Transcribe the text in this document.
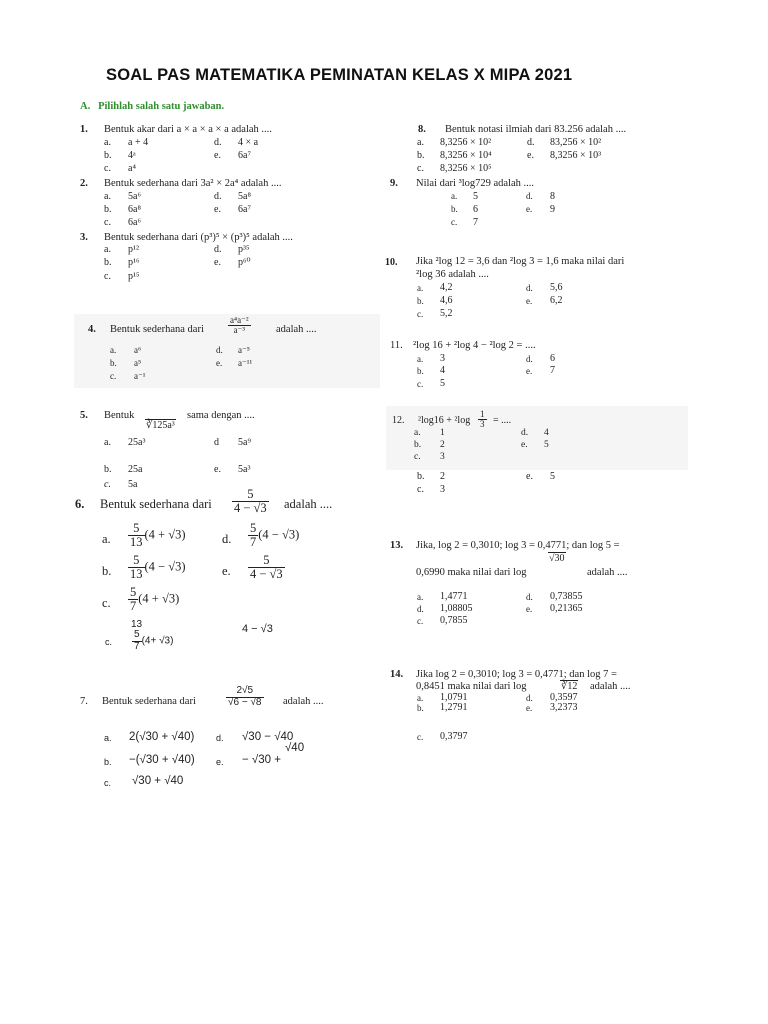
SOAL PAS MATEMATIKA PEMINATAN KELAS X MIPA 2021
A. Pilihlah salah satu jawaban.
1. Bentuk akar dari a × a × a × a adalah ....
a. a + 4
b. 4ᵃ
c. a⁴
d. 4 × a
e. 6a⁷
2. Bentuk sederhana dari 3a² × 2a⁴ adalah ....
a. 5a⁶
b. 6a⁸
c. 6a⁶
d. 5a⁸
e. 6a⁷
3. Bentuk sederhana dari (p³)⁵ × (p³)⁵ adalah ....
a. p¹²
b. p¹⁶
c. p¹⁵
d. p³⁵
e. p⁶⁰
4. Bentuk sederhana dari	$\frac{\text{a⁴a⁻²}}{\text{a⁻³}}$ adalah ....
a. a⁶
b. a⁵
c. a⁻¹
d. a⁻⁵
e. a⁻¹¹
5. Bentuk
∛125a³
sama dengan ....
a. 25a³
b. 25a
c. 5a
d 5a⁹
e. 5a³
6. Bentuk sederhana dari $\frac{5}{4 - √3}$ adalah ....
a. $\frac{5}{13} (4 + √3)$
b. $\frac{5}{13} (4 - √3)$
c. $\frac{5}{7} (4 + √3)$
d. $\frac{5}{7} (4 - √3)$
e. $\frac{5}{4 - √3}$
13	4 − √3
c. $\frac{5}{7} (4+ √3)$
7. Bentuk sederhana dari	$\frac{2√5}{√6 - √8}$ adalah ....
a. 2(√30 + √40)
b. −(√30 + √40)
c. √30 + √40
d. √30 − √40
e. − √30 +
√40
8. Bentuk notasi ilmiah dari 83.256 adalah ....
a. 8,3256 × 10²
b. 8,3256 × 10⁴
c. 8,3256 × 10⁵
d. 83,256 × 10²
e. 8,3256 × 10³
9. Nilai dari ³log729 adalah ....
a. 5
b. 6
c. 7
d. 8
e. 9
10. Jika ²log 12 = 3,6 dan ²log 3 = 1,6 maka nilai dari
²log 36 adalah ....
a. 4,2
b. 4,6
c. 5,2
d. 5,6
e. 6,2
11. ²log 16 + ²log 4 − ²log 2 = ....
a. 3
b. 4
c. 5
d. 6
e. 7
12. $^2\log 16 + ^2\log \frac{1}{3}$ = ....
a. 1
b. 2
c. 3
d. 4
e. 5
b. 2
c. 3
e. 5
13. Jika, log 2 = 0,3010; log 3 = 0,4771; dan log 5 =
√30
0,6990 maka nilai dari log	adalah ....
a. 1,4771
d. 1,08805
c. 0,7855
d. 0,73855
e. 0,21365
14. Jika log 2 = 0,3010; log 3 = 0,4771; dan log 7 =
0,8451 maka nilai dari log	∛12 adalah ....
a. 1,0791
b. 1,2791
d. 0,3597
e. 3,2373
c. 0,3797
